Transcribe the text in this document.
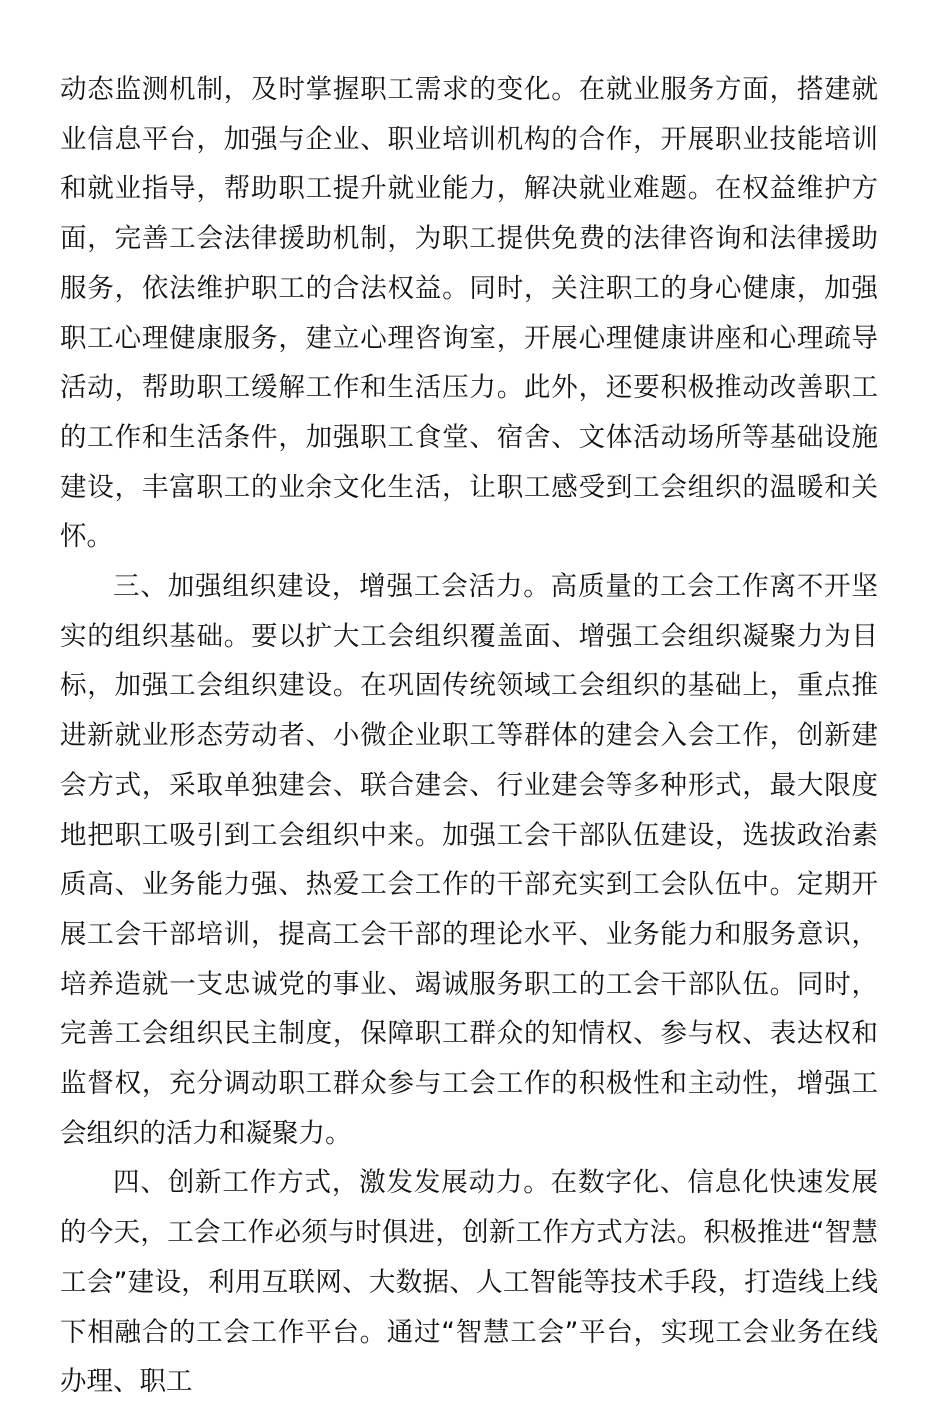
动态监测机制，及时掌握职工需求的变化。在就业服务方面，搭建就业信息平台，加强与企业、职业培训机构的合作，开展职业技能培训和就业指导，帮助职工提升就业能力，解决就业难题。在权益维护方面，完善工会法律援助机制，为职工提供免费的法律咨询和法律援助服务，依法维护职工的合法权益。同时，关注职工的身心健康，加强职工心理健康服务，建立心理咨询室，开展心理健康讲座和心理疏导活动，帮助职工缓解工作和生活压力。此外，还要积极推动改善职工的工作和生活条件，加强职工食堂、宿舍、文体活动场所等基础设施建设，丰富职工的业余文化生活，让职工感受到工会组织的温暖和关怀。

三、加强组织建设，增强工会活力。高质量的工会工作离不开坚实的组织基础。要以扩大工会组织覆盖面、增强工会组织凝聚力为目标，加强工会组织建设。在巩固传统领域工会组织的基础上，重点推进新就业形态劳动者、小微企业职工等群体的建会入会工作，创新建会方式，采取单独建会、联合建会、行业建会等多种形式，最大限度地把职工吸引到工会组织中来。加强工会干部队伍建设，选拔政治素质高、业务能力强、热爱工会工作的干部充实到工会队伍中。定期开展工会干部培训，提高工会干部的理论水平、业务能力和服务意识，培养造就一支忠诚党的事业、竭诚服务职工的工会干部队伍。同时，完善工会组织民主制度，保障职工群众的知情权、参与权、表达权和监督权，充分调动职工群众参与工会工作的积极性和主动性，增强工会组织的活力和凝聚力。

四、创新工作方式，激发发展动力。在数字化、信息化快速发展的今天，工会工作必须与时俱进，创新工作方式方法。积极推进“智慧工会”建设，利用互联网、大数据、人工智能等技术手段，打造线上线下相融合的工会工作平台。通过“智慧工会”平台，实现工会业务在线办理、职工
